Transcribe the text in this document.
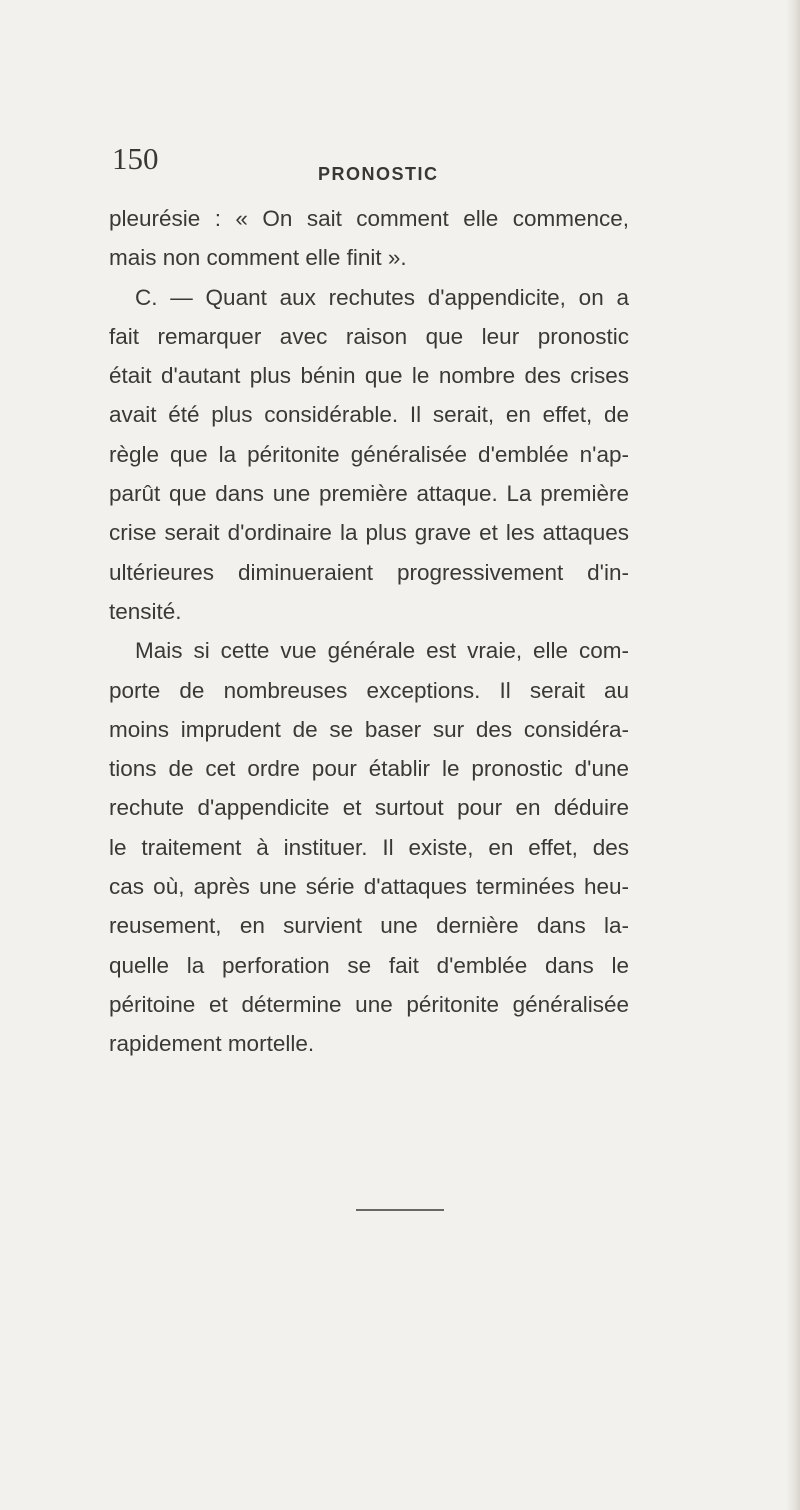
150	PRONOSTIC
pleurésie : « On sait comment elle commence,
mais non comment elle finit ».
C. — Quant aux rechutes d'appendicite, on a
fait remarquer avec raison que leur pronostic
était d'autant plus bénin que le nombre des crises
avait été plus considérable. Il serait, en effet, de
règle que la péritonite généralisée d'emblée n'ap-
parût que dans une première attaque. La première
crise serait d'ordinaire la plus grave et les attaques
ultérieures diminueraient progressivement d'in-
tensité.
Mais si cette vue générale est vraie, elle com-
porte de nombreuses exceptions. Il serait au
moins imprudent de se baser sur des considéra-
tions de cet ordre pour établir le pronostic d'une
rechute d'appendicite et surtout pour en déduire
le traitement à instituer. Il existe, en effet, des
cas où, après une série d'attaques terminées heu-
reusement, en survient une dernière dans la-
quelle la perforation se fait d'emblée dans le
péritoine et détermine une péritonite généralisée
rapidement mortelle.
